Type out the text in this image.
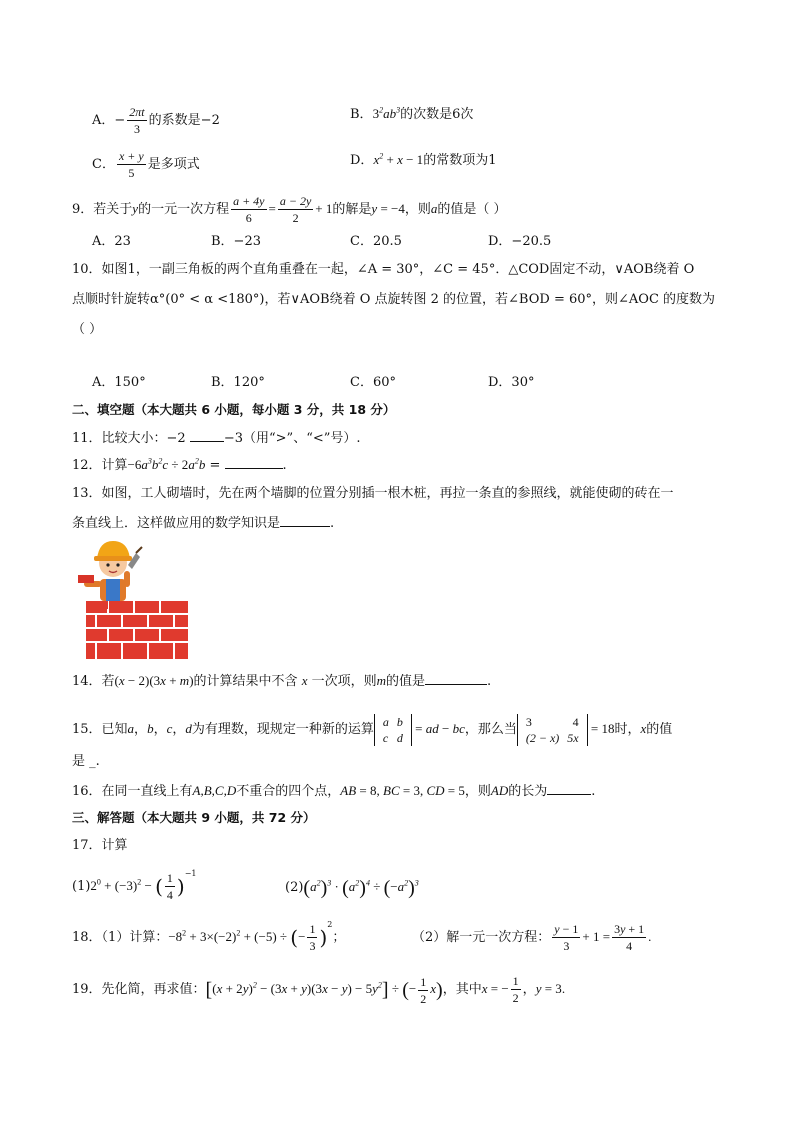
A．− $\frac{2\pi t}{3}$ 的系数是−2	B．$3^2ab^3$的次数是6次
C． $\frac{x + y}{5}$ 是多项式	D．$x^2 + x - 1$的常数项为1
9．若关于y的一元一次方程 $\frac{a + 4y}{6} = \frac{a - 2y}{2} + 1$的解是y = −4，则a的值是（ ）
A．23	B．−23	C．20.5	D．−20.5
10．如图1，一副三角板的两个直角重叠在一起，∠A = 30°，∠C = 45°．△COD固定不动，∨AOB绕着 O
点顺时针旋转α°(0° < α <180°)，若∨AOB绕着 O 点旋转图 2 的位置，若∠BOD = 60°，则∠AOC 的度数为
（ ）
A．150°	B．120°	C．60°	D．30°
二、填空题（本大题共 6 小题，每小题 3 分，共 18 分）
11．比较大小：−2	−3（用“>”、“<”号）.
12．计算$-6a^3b^2c \div 2a^2b$ =	.
13．如图，工人砌墙时，先在两个墙脚的位置分别插一根木桩，再拉一条直的参照线，就能使砌的砖在一
条直线上．这样做应用的数学知识是	.
14．若(x − 2)(3x + m)的计算结果中不含 x 一次项，则m的值是	.
15．已知a，b，c，d为有理数，现规定一种新的运算
a	b
c	d
= ad − bc，那么当
3	4
(2 − x)	5x
= 18时，x的值
是 _.
16．在同一直线上有A,B,C,D不重合的四个点，AB = 8, BC = 3, CD = 5，则AD的长为	.
三、解答题（本大题共 9 小题，共 72 分）
17．计算
$(1)2^0 + (-3)^2$ − ( $\frac{1}{4} )^{-1}$
$(2)(a^2)^3 \cdot (a^2)^4 \div (-a^2)^3$
18．（1）计算：$-8^2 + 3\times(-2)^2 + (-5)$ ÷ (− $\frac{1}{3} )^2$；	（2）解一元一次方程： $\frac{y - 1}{3} + 1 = \frac{3y + 1}{4}$ .
19．先化简，再求值：$[(x + 2y)^2 - (3x + y)(3x - y) - 5y^2]$ ÷ (− $\frac{1}{2} x$)，其中x = − $\frac{1}{2}$ ，y = 3.
